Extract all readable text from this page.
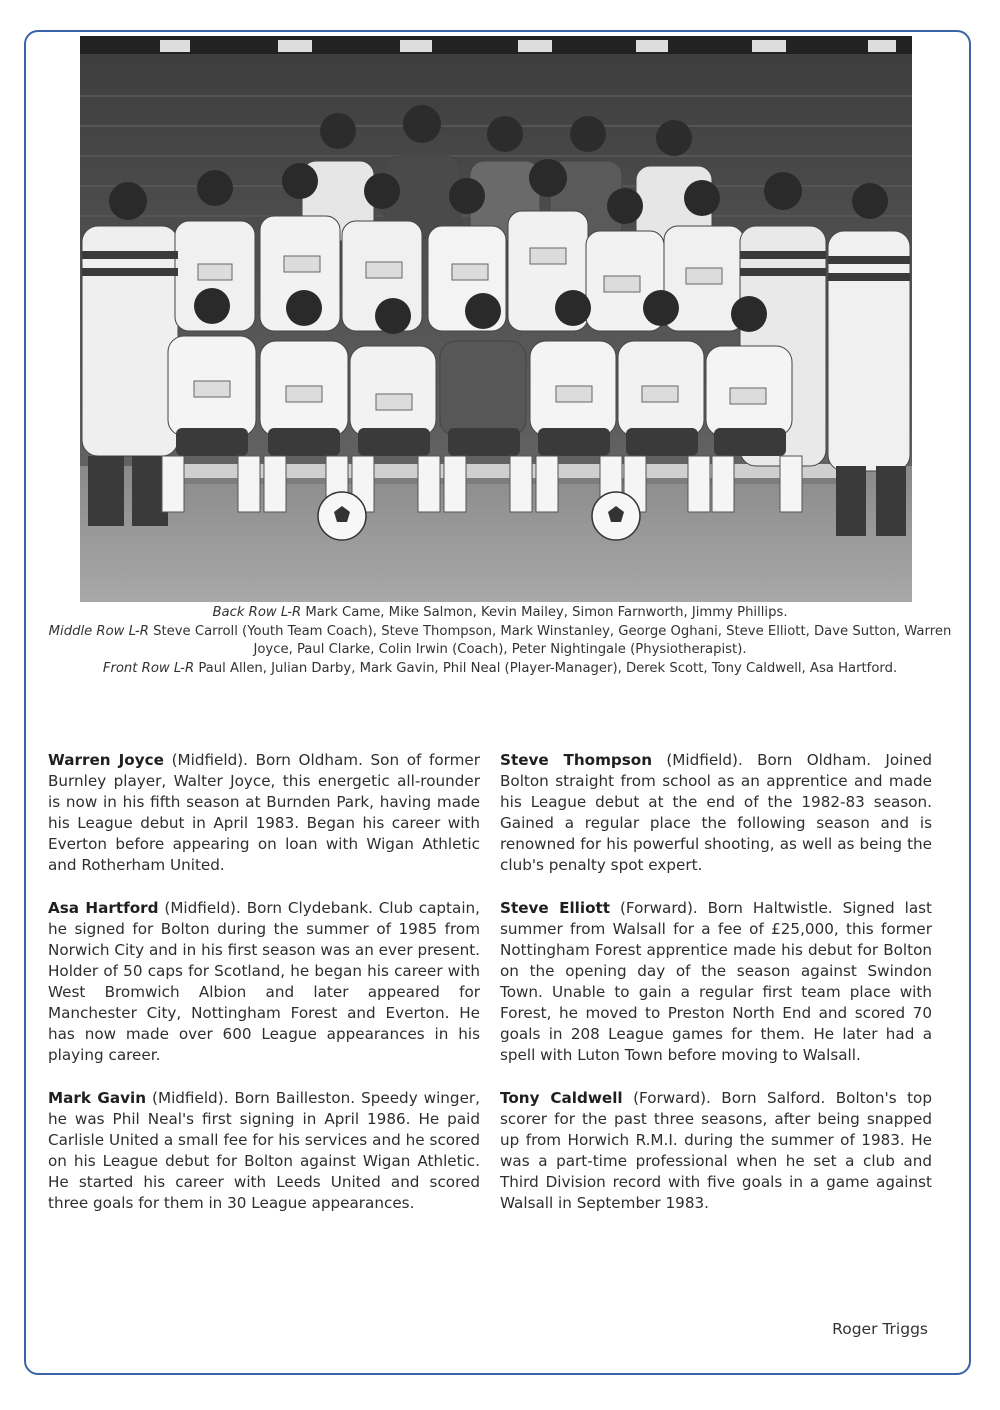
Back Row L-R Mark Came, Mike Salmon, Kevin Mailey, Simon Farnworth, Jimmy Phillips.
Middle Row L-R Steve Carroll (Youth Team Coach), Steve Thompson, Mark Winstanley, George Oghani, Steve Elliott, Dave Sutton, Warren Joyce, Paul Clarke, Colin Irwin (Coach), Peter Nightingale (Physiotherapist).
Front Row L-R Paul Allen, Julian Darby, Mark Gavin, Phil Neal (Player-Manager), Derek Scott, Tony Caldwell, Asa Hartford.

Warren Joyce (Midfield). Born Oldham. Son of former Burnley player, Walter Joyce, this energetic all-rounder is now in his fifth season at Burnden Park, having made his League debut in April 1983. Began his career with Everton before appearing on loan with Wigan Athletic and Rotherham United.

Asa Hartford (Midfield). Born Clydebank. Club captain, he signed for Bolton during the summer of 1985 from Norwich City and in his first season was an ever present. Holder of 50 caps for Scotland, he began his career with West Bromwich Albion and later appeared for Manchester City, Nottingham Forest and Everton. He has now made over 600 League appearances in his playing career.

Mark Gavin (Midfield). Born Bailleston. Speedy winger, he was Phil Neal's first signing in April 1986. He paid Carlisle United a small fee for his services and he scored on his League debut for Bolton against Wigan Athletic. He started his career with Leeds United and scored three goals for them in 30 League appearances.

Steve Thompson (Midfield). Born Oldham. Joined Bolton straight from school as an apprentice and made his League debut at the end of the 1982-83 season. Gained a regular place the following season and is renowned for his powerful shooting, as well as being the club's penalty spot expert.

Steve Elliott (Forward). Born Haltwistle. Signed last summer from Walsall for a fee of £25,000, this former Nottingham Forest apprentice made his debut for Bolton on the opening day of the season against Swindon Town. Unable to gain a regular first team place with Forest, he moved to Preston North End and scored 70 goals in 208 League games for them. He later had a spell with Luton Town before moving to Walsall.

Tony Caldwell (Forward). Born Salford. Bolton's top scorer for the past three seasons, after being snapped up from Horwich R.M.I. during the summer of 1983. He was a part-time professional when he set a club and Third Division record with five goals in a game against Walsall in September 1983.

Roger Triggs
